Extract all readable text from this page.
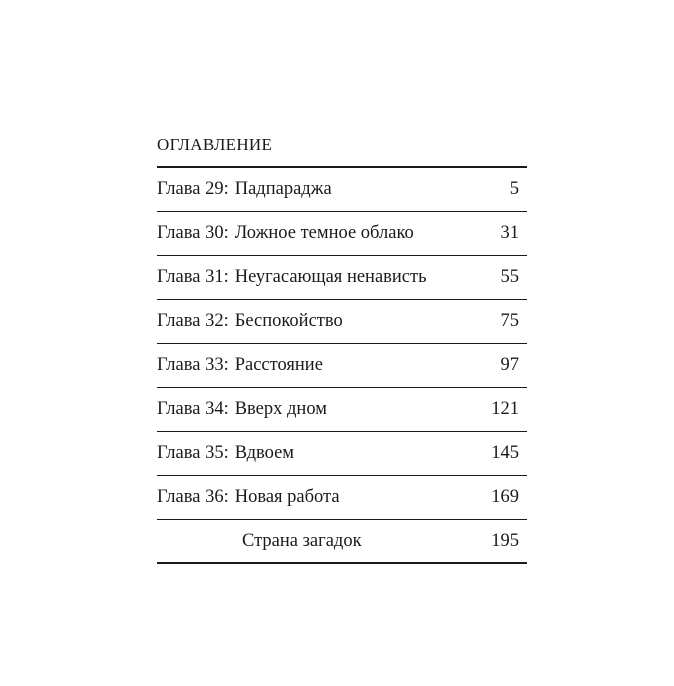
ОГЛАВЛЕНИЕ
Глава 29: Падпараджа	5
Глава 30: Ложное темное облако	31
Глава 31: Неугасающая ненависть	55
Глава 32: Беспокойство	75
Глава 33: Расстояние	97
Глава 34: Вверх дном	121
Глава 35: Вдвоем	145
Глава 36: Новая работа	169
Страна загадок	195
